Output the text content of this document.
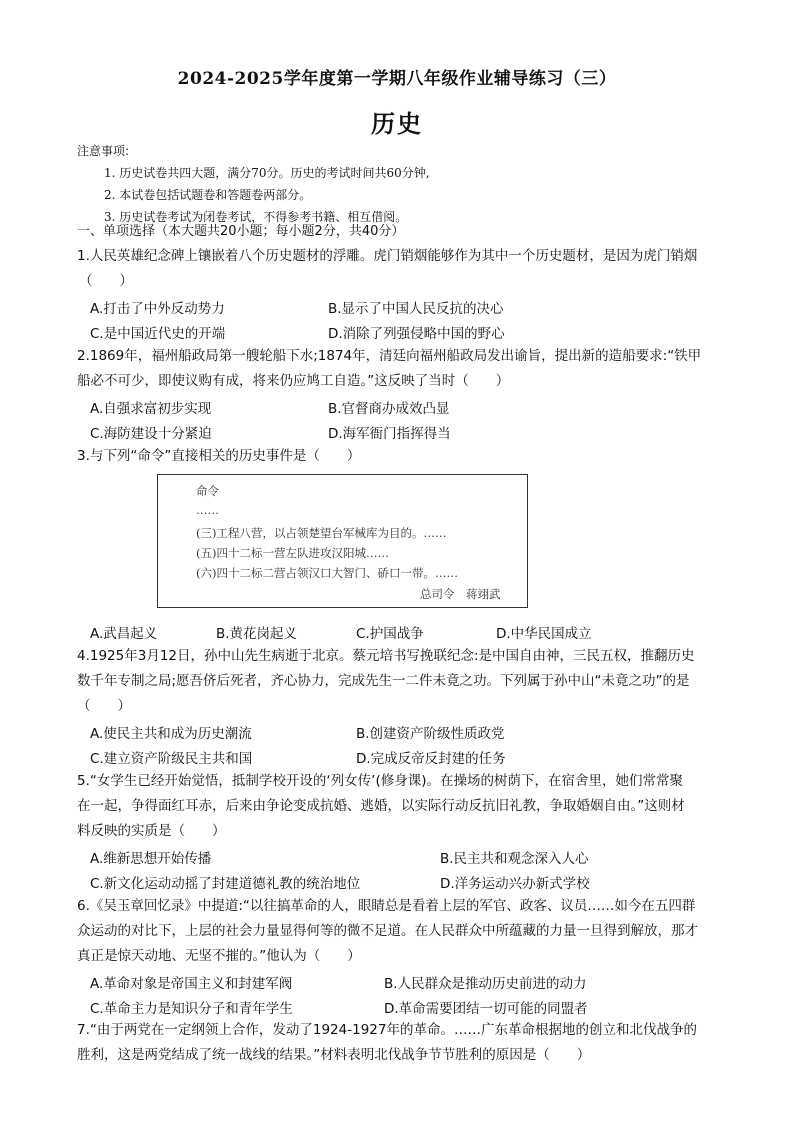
2024-2025学年度第一学期八年级作业辅导练习（三）
历史
注意事项:
1. 历史试卷共四大题，满分70分。历史的考试时间共60分钟,
2. 本试卷包括试题卷和答题卷两部分。
3. 历史试卷考试为闭卷考试，不得参考书籍、相互借阅。
一、单项选择（本大题共20小题；每小题2分，共40分）
1.人民英雄纪念碑上镶嵌着八个历史题材的浮雕。虎门销烟能够作为其中一个历史题材，是因为虎门销烟
（　　）
A.打击了中外反动势力	B.显示了中国人民反抗的决心
C.是中国近代史的开端	D.消除了列强侵略中国的野心
2.1869年，福州船政局第一艘轮船下水;1874年，清廷向福州船政局发出谕旨，提出新的造船要求:“铁甲
船必不可少，即使议购有成，将来仍应鸠工自造。”这反映了当时（　　）
A.自强求富初步实现	B.官督商办成效凸显
C.海防建设十分紧迫	D.海军衙门指挥得当
3.与下列“命令”直接相关的历史事件是（　　）
命令
……
(三)工程八营，以占领楚望台军械库为目的。……
(五)四十二标一营左队进攻汉阳城……
(六)四十二标二营占领汉口大智门、硚口一带。……
总司令　蒋翊武
A.武昌起义	B.黄花岗起义	C.护国战争	D.中华民国成立
4.1925年3月12日，孙中山先生病逝于北京。蔡元培书写挽联纪念:是中国自由神，三民五权，推翻历史
数千年专制之局;愿吾侪后死者，齐心协力，完成先生一二件未竟之功。下列属于孙中山“未竟之功”的是
（　　）
A.使民主共和成为历史潮流	B.创建资产阶级性质政党
C.建立资产阶级民主共和国	D.完成反帝反封建的任务
5.“女学生已经开始觉悟，抵制学校开设的‘列女传’(修身课)。在操场的树荫下，在宿舍里，她们常常聚
在一起，争得面红耳赤，后来由争论变成抗婚、逃婚，以实际行动反抗旧礼教，争取婚姻自由。”这则材
料反映的实质是（　　）
A.维新思想开始传播	B.民主共和观念深入人心
C.新文化运动动摇了封建道德礼教的统治地位	D.洋务运动兴办新式学校
6.《吴玉章回忆录》中提道:“以往搞革命的人，眼睛总是看着上层的军官、政客、议员……如今在五四群
众运动的对比下，上层的社会力量显得何等的微不足道。在人民群众中所蕴藏的力量一旦得到解放，那才
真正是惊天动地、无坚不摧的。”他认为（　　）
A.革命对象是帝国主义和封建军阀	B.人民群众是推动历史前进的动力
C.革命主力是知识分子和青年学生	D.革命需要团结一切可能的同盟者
7.“由于两党在一定纲领上合作，发动了1924-1927年的革命。……广东革命根据地的创立和北伐战争的
胜利，这是两党结成了统一战线的结果。”材料表明北伐战争节节胜利的原因是（　　）
